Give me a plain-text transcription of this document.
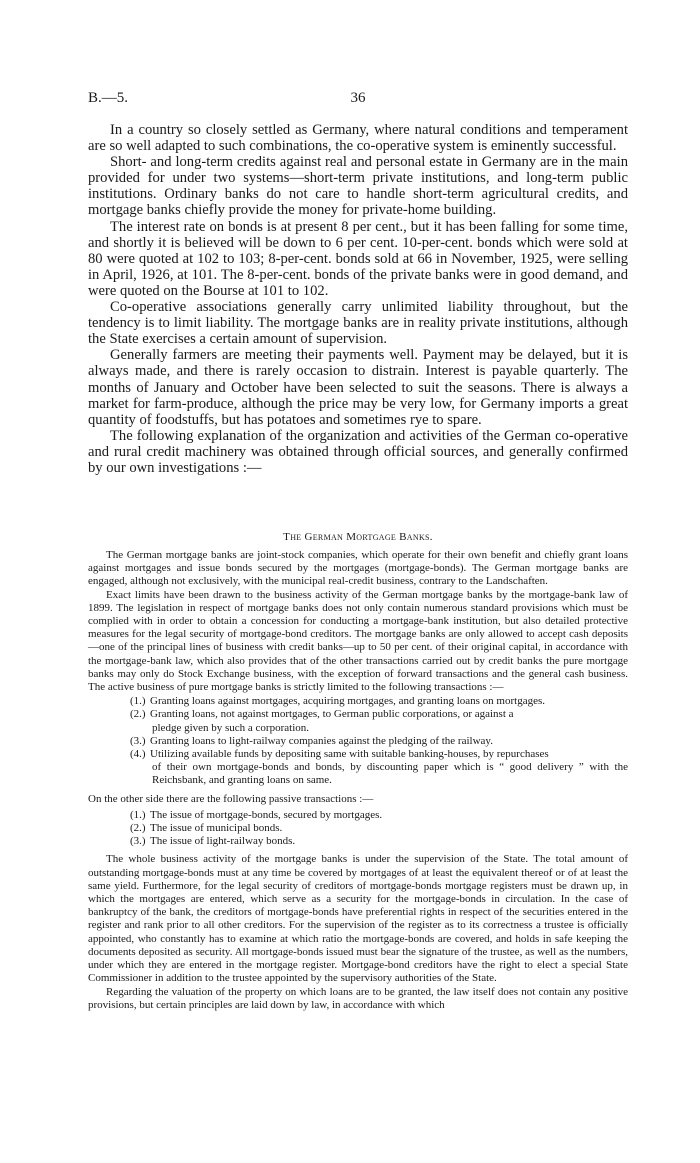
B.—5.	36

In a country so closely settled as Germany, where natural conditions and temperament are so well adapted to such combinations, the co-operative system is eminently successful.

Short- and long-term credits against real and personal estate in Germany are in the main provided for under two systems—short-term private institutions, and long-term public institutions. Ordinary banks do not care to handle short-term agricultural credits, and mortgage banks chiefly provide the money for private-home building.

The interest rate on bonds is at present 8 per cent., but it has been falling for some time, and shortly it is believed will be down to 6 per cent. 10-per-cent. bonds which were sold at 80 were quoted at 102 to 103; 8-per-cent. bonds sold at 66 in November, 1925, were selling in April, 1926, at 101. The 8-per-cent. bonds of the private banks were in good demand, and were quoted on the Bourse at 101 to 102.

Co-operative associations generally carry unlimited liability throughout, but the tendency is to limit liability. The mortgage banks are in reality private institutions, although the State exercises a certain amount of supervision.

Generally farmers are meeting their payments well. Payment may be delayed, but it is always made, and there is rarely occasion to distrain. Interest is payable quarterly. The months of January and October have been selected to suit the seasons. There is always a market for farm-produce, although the price may be very low, for Germany imports a great quantity of foodstuffs, but has potatoes and sometimes rye to spare.

The following explanation of the organization and activities of the German co-operative and rural credit machinery was obtained through official sources, and generally confirmed by our own investigations :—

The German Mortgage Banks.

The German mortgage banks are joint-stock companies, which operate for their own benefit and chiefly grant loans against mortgages and issue bonds secured by the mortgages (mortgage-bonds). The German mortgage banks are engaged, although not exclusively, with the municipal real-credit business, contrary to the Landschaften.

Exact limits have been drawn to the business activity of the German mortgage banks by the mortgage-bank law of 1899. The legislation in respect of mortgage banks does not only contain numerous standard provisions which must be complied with in order to obtain a concession for conducting a mortgage-bank institution, but also detailed protective measures for the legal security of mortgage-bond creditors. The mortgage banks are only allowed to accept cash deposits—one of the principal lines of business with credit banks—up to 50 per cent. of their original capital, in accordance with the mortgage-bank law, which also provides that of the other transactions carried out by credit banks the pure mortgage banks may only do Stock Exchange business, with the exception of forward transactions and the general cash business. The active business of pure mortgage banks is strictly limited to the following transactions :—

(1.) Granting loans against mortgages, acquiring mortgages, and granting loans on mortgages.
(2.) Granting loans, not against mortgages, to German public corporations, or against a
pledge given by such a corporation.
(3.) Granting loans to light-railway companies against the pledging of the railway.
(4.) Utilizing available funds by depositing same with suitable banking-houses, by repurchases
of their own mortgage-bonds and bonds, by discounting paper which is “ good delivery ” with the Reichsbank, and granting loans on same.

On the other side there are the following passive transactions :—

(1.) The issue of mortgage-bonds, secured by mortgages.
(2.) The issue of municipal bonds.
(3.) The issue of light-railway bonds.

The whole business activity of the mortgage banks is under the supervision of the State. The total amount of outstanding mortgage-bonds must at any time be covered by mortgages of at least the equivalent thereof or of at least the same yield. Furthermore, for the legal security of creditors of mortgage-bonds mortgage registers must be drawn up, in which the mortgages are entered, which serve as a security for the mortgage-bonds in circulation. In the case of bankruptcy of the bank, the creditors of mortgage-bonds have preferential rights in respect of the securities entered in the register and rank prior to all other creditors. For the supervision of the register as to its correctness a trustee is officially appointed, who constantly has to examine at which ratio the mortgage-bonds are covered, and holds in safe keeping the documents deposited as security. All mortgage-bonds issued must bear the signature of the trustee, as well as the numbers, under which they are entered in the mortgage register. Mortgage-bond creditors have the right to elect a special State Commissioner in addition to the trustee appointed by the supervisory authorities of the State.

Regarding the valuation of the property on which loans are to be granted, the law itself does not contain any positive provisions, but certain principles are laid down by law, in accordance with which
